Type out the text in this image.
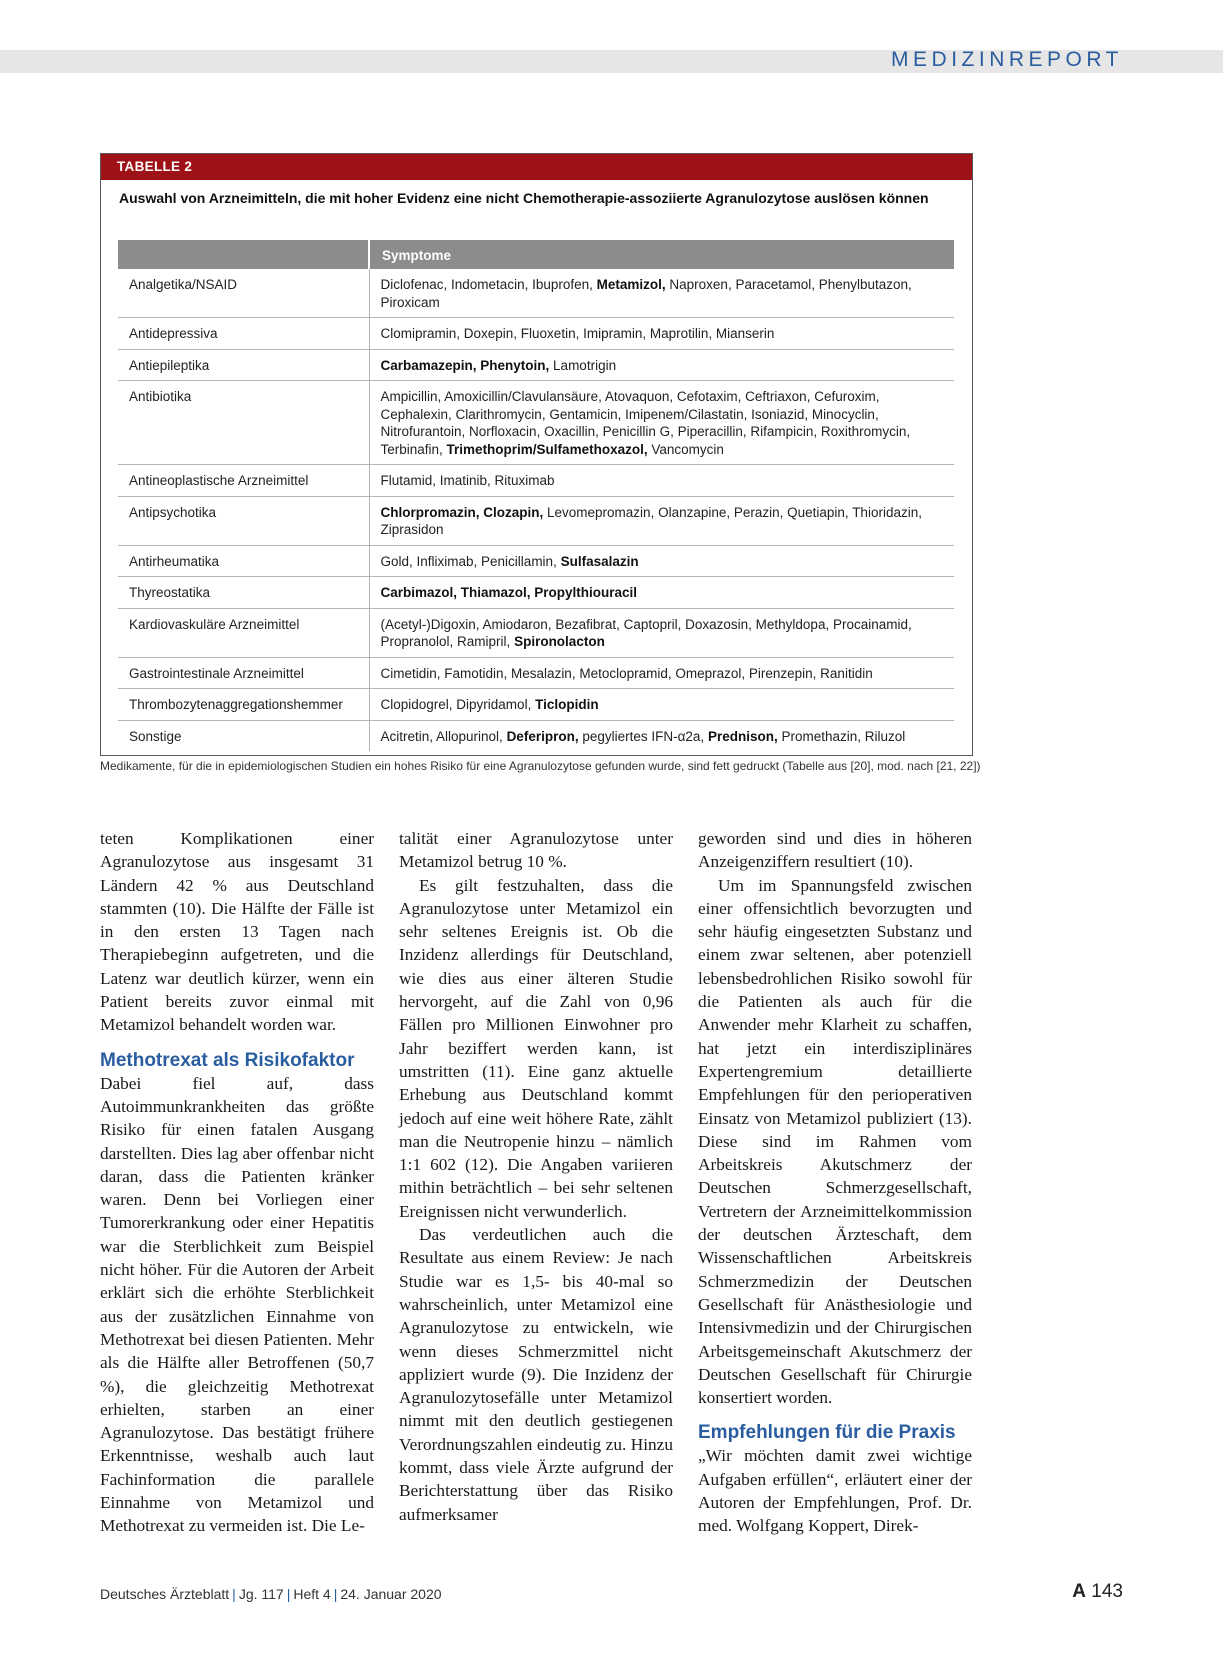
MEDIZINREPORT
TABELLE 2
Auswahl von Arzneimitteln, die mit hoher Evidenz eine nicht Chemotherapie-assoziierte Agranulozytose auslösen können
	Symptome
Analgetika/NSAID	Diclofenac, Indometacin, Ibuprofen, Metamizol, Naproxen, Paracetamol, Phenylbutazon, Piroxicam
Antidepressiva	Clomipramin, Doxepin, Fluoxetin, Imipramin, Maprotilin, Mianserin
Antiepileptika	Carbamazepin, Phenytoin, Lamotrigin
Antibiotika	Ampicillin, Amoxicillin/Clavulansäure, Atovaquon, Cefotaxim, Ceftriaxon, Cefuroxim, Cephalexin, Clarithromycin, Gentamicin, Imipenem/Cilastatin, Isoniazid, Minocyclin, Nitrofurantoin, Norfloxacin, Oxacillin, Penicillin G, Piperacillin, Rifampicin, Roxithromycin, Terbinafin, Trimethoprim/Sulfamethoxazol, Vancomycin
Antineoplastische Arzneimittel	Flutamid, Imatinib, Rituximab
Antipsychotika	Chlorpromazin, Clozapin, Levomepromazin, Olanzapine, Perazin, Quetiapin, Thioridazin, Ziprasidon
Antirheumatika	Gold, Infliximab, Penicillamin, Sulfasalazin
Thyreostatika	Carbimazol, Thiamazol, Propylthiouracil
Kardiovaskuläre Arzneimittel	(Acetyl-)Digoxin, Amiodaron, Bezafibrat, Captopril, Doxazosin, Methyldopa, Procainamid, Propranolol, Ramipril, Spironolacton
Gastrointestinale Arzneimittel	Cimetidin, Famotidin, Mesalazin, Metoclopramid, Omeprazol, Pirenzepin, Ranitidin
Thrombozytenaggregationshemmer	Clopidogrel, Dipyridamol, Ticlopidin
Sonstige	Acitretin, Allopurinol, Deferipron, pegyliertes IFN-α2a, Prednison, Promethazin, Riluzol
Medikamente, für die in epidemiologischen Studien ein hohes Risiko für eine Agranulozytose gefunden wurde, sind fett gedruckt (Tabelle aus [20], mod. nach [21, 22])

teten Komplikationen einer Agranulozytose aus insgesamt 31 Ländern 42 % aus Deutschland stammten (10). Die Hälfte der Fälle ist in den ersten 13 Tagen nach Therapiebeginn aufgetreten, und die Latenz war deutlich kürzer, wenn ein Patient bereits zuvor einmal mit Metamizol behandelt worden war.

Methotrexat als Risikofaktor

Dabei fiel auf, dass Autoimmunkrankheiten das größte Risiko für einen fatalen Ausgang darstellten. Dies lag aber offenbar nicht daran, dass die Patienten kränker waren. Denn bei Vorliegen einer Tumorerkrankung oder einer Hepatitis war die Sterblichkeit zum Beispiel nicht höher. Für die Autoren der Arbeit erklärt sich die erhöhte Sterblichkeit aus der zusätzlichen Einnahme von Methotrexat bei diesen Patienten. Mehr als die Hälfte aller Betroffenen (50,7 %), die gleichzeitig Methotrexat erhielten, starben an einer Agranulozytose. Das bestätigt frühere Erkenntnisse, weshalb auch laut Fachinformation die parallele Einnahme von Metamizol und Methotrexat zu vermeiden ist. Die Le-

talität einer Agranulozytose unter Metamizol betrug 10 %.

Es gilt festzuhalten, dass die Agranulozytose unter Metamizol ein sehr seltenes Ereignis ist. Ob die Inzidenz allerdings für Deutschland, wie dies aus einer älteren Studie hervorgeht, auf die Zahl von 0,96 Fällen pro Millionen Einwohner pro Jahr beziffert werden kann, ist umstritten (11). Eine ganz aktuelle Erhebung aus Deutschland kommt jedoch auf eine weit höhere Rate, zählt man die Neutropenie hinzu – nämlich 1:1 602 (12). Die Angaben variieren mithin beträchtlich – bei sehr seltenen Ereignissen nicht verwunderlich.

Das verdeutlichen auch die Resultate aus einem Review: Je nach Studie war es 1,5- bis 40-mal so wahrscheinlich, unter Metamizol eine Agranulozytose zu entwickeln, wie wenn dieses Schmerzmittel nicht appliziert wurde (9). Die Inzidenz der Agranulozytosefälle unter Metamizol nimmt mit den deutlich gestiegenen Verordnungszahlen eindeutig zu. Hinzu kommt, dass viele Ärzte aufgrund der Berichterstattung über das Risiko aufmerksamer

geworden sind und dies in höheren Anzeigenziffern resultiert (10).

Um im Spannungsfeld zwischen einer offensichtlich bevorzugten und sehr häufig eingesetzten Substanz und einem zwar seltenen, aber potenziell lebensbedrohlichen Risiko sowohl für die Patienten als auch für die Anwender mehr Klarheit zu schaffen, hat jetzt ein interdisziplinäres Expertengremium detaillierte Empfehlungen für den perioperativen Einsatz von Metamizol publiziert (13). Diese sind im Rahmen vom Arbeitskreis Akutschmerz der Deutschen Schmerzgesellschaft, Vertretern der Arzneimittelkommission der deutschen Ärzteschaft, dem Wissenschaftlichen Arbeitskreis Schmerzmedizin der Deutschen Gesellschaft für Anästhesiologie und Intensivmedizin und der Chirurgischen Arbeitsgemeinschaft Akutschmerz der Deutschen Gesellschaft für Chirurgie konsertiert worden.

Empfehlungen für die Praxis

„Wir möchten damit zwei wichtige Aufgaben erfüllen“, erläutert einer der Autoren der Empfehlungen, Prof. Dr. med. Wolfgang Koppert, Direk-

Deutsches Ärzteblatt | Jg. 117 | Heft 4 | 24. Januar 2020	A 143
